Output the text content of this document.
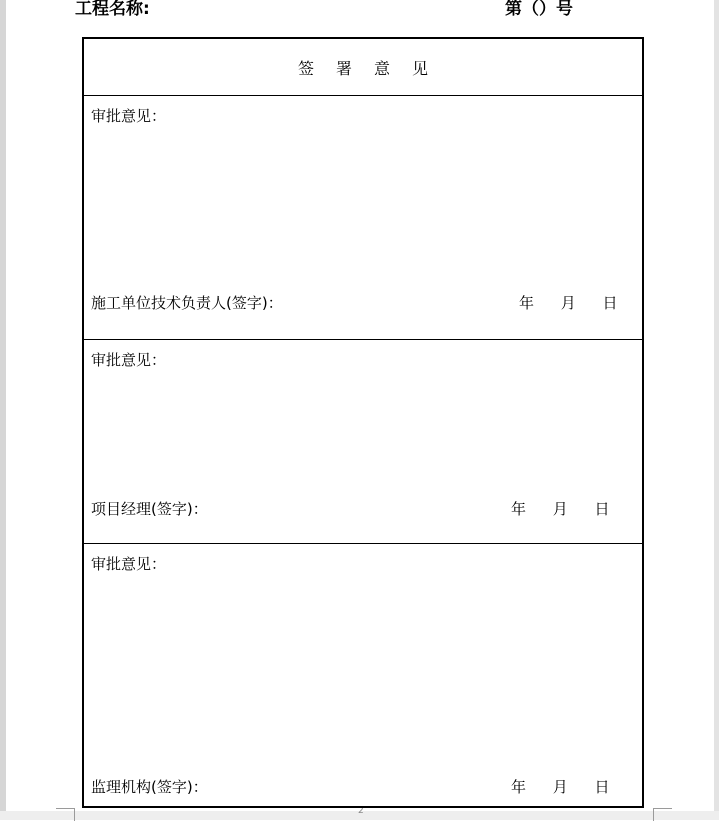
2
工程名称:	第（）号
签署意见
审批意见：
施工单位技术负责人(签字)：	年 月 日
审批意见：
项目经理(签字)：	年 月 日
审批意见：
监理机构(签字)：	年 月 日
